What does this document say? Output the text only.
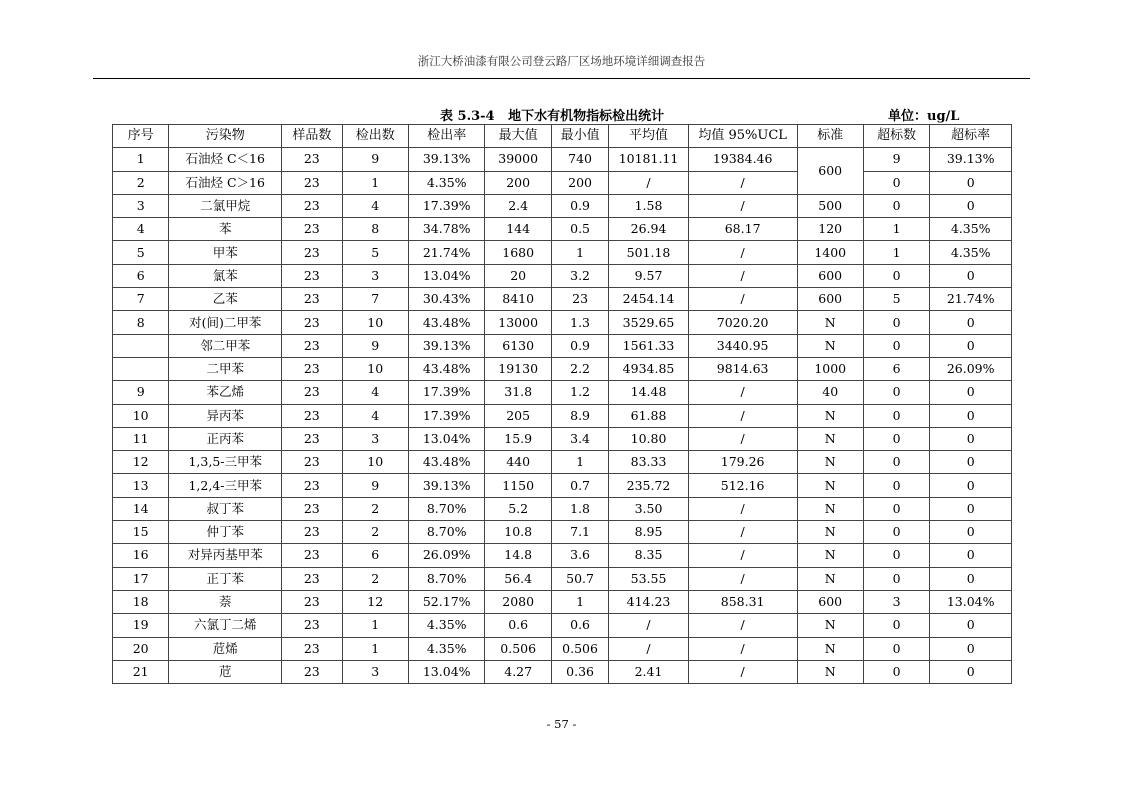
浙江大桥油漆有限公司登云路厂区场地环境详细调查报告
表 5.3-4   地下水有机物指标检出统计	单位：ug/L
序号	污染物	样品数	检出数	检出率	最大值	最小值	平均值	均值 95%UCL	标准	超标数	超标率
1	石油烃 C＜16	23	9	39.13%	39000	740	10181.11	19384.46	600	9	39.13%
2	石油烃 C＞16	23	1	4.35%	200	200	/	/		0	0
3	二氯甲烷	23	4	17.39%	2.4	0.9	1.58	/	500	0	0
4	苯	23	8	34.78%	144	0.5	26.94	68.17	120	1	4.35%
5	甲苯	23	5	21.74%	1680	1	501.18	/	1400	1	4.35%
6	氯苯	23	3	13.04%	20	3.2	9.57	/	600	0	0
7	乙苯	23	7	30.43%	8410	23	2454.14	/	600	5	21.74%
8	对(间)二甲苯	23	10	43.48%	13000	1.3	3529.65	7020.20	N	0	0
	邻二甲苯	23	9	39.13%	6130	0.9	1561.33	3440.95	N	0	0
	二甲苯	23	10	43.48%	19130	2.2	4934.85	9814.63	1000	6	26.09%
9	苯乙烯	23	4	17.39%	31.8	1.2	14.48	/	40	0	0
10	异丙苯	23	4	17.39%	205	8.9	61.88	/	N	0	0
11	正丙苯	23	3	13.04%	15.9	3.4	10.80	/	N	0	0
12	1,3,5-三甲苯	23	10	43.48%	440	1	83.33	179.26	N	0	0
13	1,2,4-三甲苯	23	9	39.13%	1150	0.7	235.72	512.16	N	0	0
14	叔丁苯	23	2	8.70%	5.2	1.8	3.50	/	N	0	0
15	仲丁苯	23	2	8.70%	10.8	7.1	8.95	/	N	0	0
16	对异丙基甲苯	23	6	26.09%	14.8	3.6	8.35	/	N	0	0
17	正丁苯	23	2	8.70%	56.4	50.7	53.55	/	N	0	0
18	萘	23	12	52.17%	2080	1	414.23	858.31	600	3	13.04%
19	六氯丁二烯	23	1	4.35%	0.6	0.6	/	/	N	0	0
20	苊烯	23	1	4.35%	0.506	0.506	/	/	N	0	0
21	苊	23	3	13.04%	4.27	0.36	2.41	/	N	0	0
- 57 -
